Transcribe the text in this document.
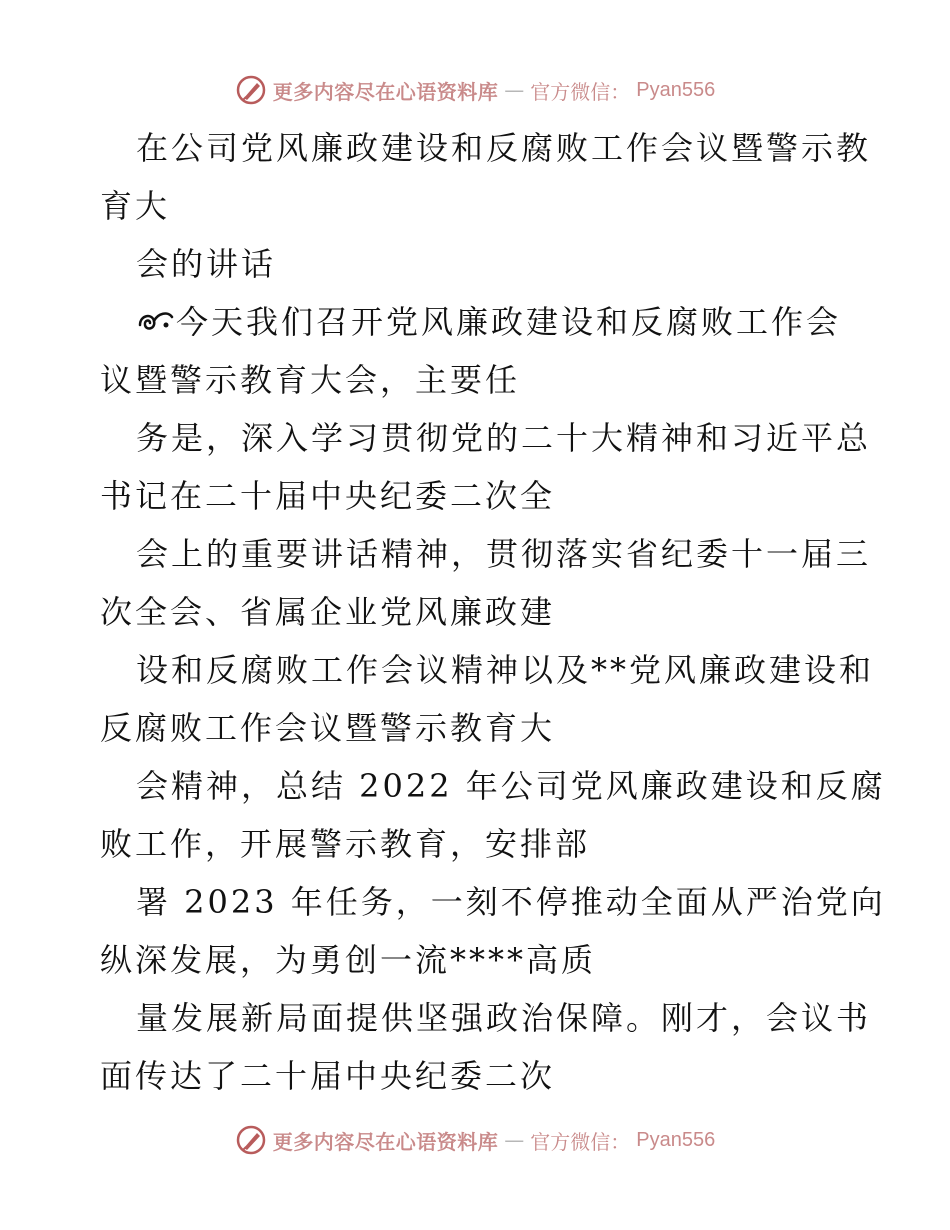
更多内容尽在心语资料库 — 官方微信： Pyan556
在公司党风廉政建设和反腐败工作会议暨警示教
育大
会的讲话
今天我们召开党风廉政建设和反腐败工作会
议暨警示教育大会，主要任
务是，深入学习贯彻党的二十大精神和习近平总
书记在二十届中央纪委二次全
会上的重要讲话精神，贯彻落实省纪委十一届三
次全会、省属企业党风廉政建
设和反腐败工作会议精神以及**党风廉政建设和
反腐败工作会议暨警示教育大
会精神，总结 2022 年公司党风廉政建设和反腐
败工作，开展警示教育，安排部
署 2023 年任务，一刻不停推动全面从严治党向
纵深发展，为勇创一流****高质
量发展新局面提供坚强政治保障。刚才，会议书
面传达了二十届中央纪委二次
更多内容尽在心语资料库 — 官方微信： Pyan556
